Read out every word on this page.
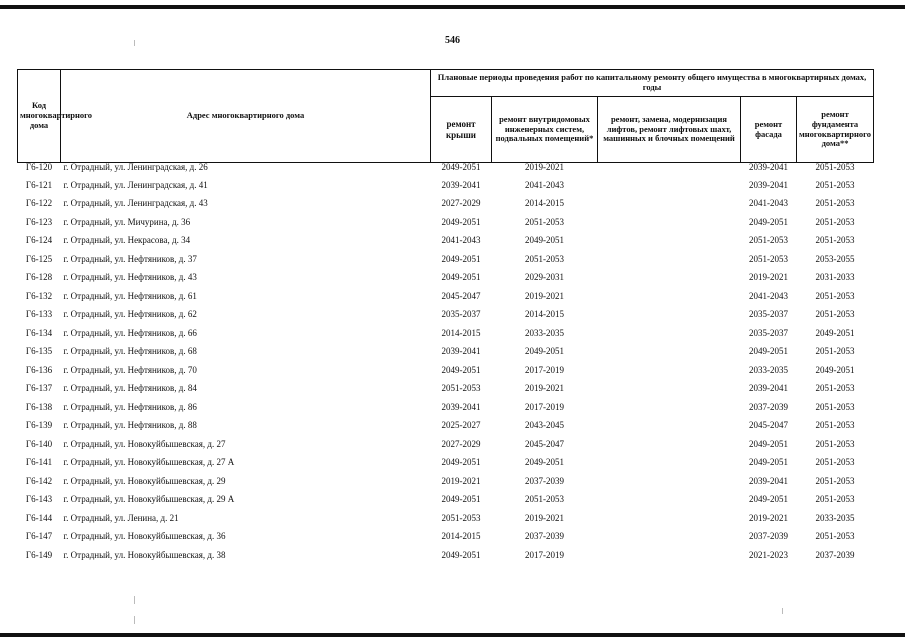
546
Код многоквартирного дома	Адрес многоквартирного дома	Плановые периоды проведения работ по капитальному ремонту общего имущества в многоквартирных домах, годы				
		ремонт крыши	ремонт внутридомовых инженерных систем, подвальных помещений*	ремонт, замена, модернизация лифтов, ремонт лифтовых шахт, машинных и блочных помещений	ремонт фасада	ремонт фундамента многоквартирного дома**
Г6-120	г. Отрадный, ул. Ленинградская, д. 26	2049-2051	2019-2021		2039-2041	2051-2053
Г6-121	г. Отрадный, ул. Ленинградская, д. 41	2039-2041	2041-2043		2039-2041	2051-2053
Г6-122	г. Отрадный, ул. Ленинградская, д. 43	2027-2029	2014-2015		2041-2043	2051-2053
Г6-123	г. Отрадный, ул. Мичурина, д. 36	2049-2051	2051-2053		2049-2051	2051-2053
Г6-124	г. Отрадный, ул. Некрасова, д. 34	2041-2043	2049-2051		2051-2053	2051-2053
Г6-125	г. Отрадный, ул. Нефтяников, д. 37	2049-2051	2051-2053		2051-2053	2053-2055
Г6-128	г. Отрадный, ул. Нефтяников, д. 43	2049-2051	2029-2031		2019-2021	2031-2033
Г6-132	г. Отрадный, ул. Нефтяников, д. 61	2045-2047	2019-2021		2041-2043	2051-2053
Г6-133	г. Отрадный, ул. Нефтяников, д. 62	2035-2037	2014-2015		2035-2037	2051-2053
Г6-134	г. Отрадный, ул. Нефтяников, д. 66	2014-2015	2033-2035		2035-2037	2049-2051
Г6-135	г. Отрадный, ул. Нефтяников, д. 68	2039-2041	2049-2051		2049-2051	2051-2053
Г6-136	г. Отрадный, ул. Нефтяников, д. 70	2049-2051	2017-2019		2033-2035	2049-2051
Г6-137	г. Отрадный, ул. Нефтяников, д. 84	2051-2053	2019-2021		2039-2041	2051-2053
Г6-138	г. Отрадный, ул. Нефтяников, д. 86	2039-2041	2017-2019		2037-2039	2051-2053
Г6-139	г. Отрадный, ул. Нефтяников, д. 88	2025-2027	2043-2045		2045-2047	2051-2053
Г6-140	г. Отрадный, ул. Новокуйбышевская, д. 27	2027-2029	2045-2047		2049-2051	2051-2053
Г6-141	г. Отрадный, ул. Новокуйбышевская, д. 27 А	2049-2051	2049-2051		2049-2051	2051-2053
Г6-142	г. Отрадный, ул. Новокуйбышевская, д. 29	2019-2021	2037-2039		2039-2041	2051-2053
Г6-143	г. Отрадный, ул. Новокуйбышевская, д. 29 А	2049-2051	2051-2053		2049-2051	2051-2053
Г6-144	г. Отрадный, ул. Ленина, д. 21	2051-2053	2019-2021		2019-2021	2033-2035
Г6-147	г. Отрадный, ул. Новокуйбышевская, д. 36	2014-2015	2037-2039		2037-2039	2051-2053
Г6-149	г. Отрадный, ул. Новокуйбышевская, д. 38	2049-2051	2017-2019		2021-2023	2037-2039
